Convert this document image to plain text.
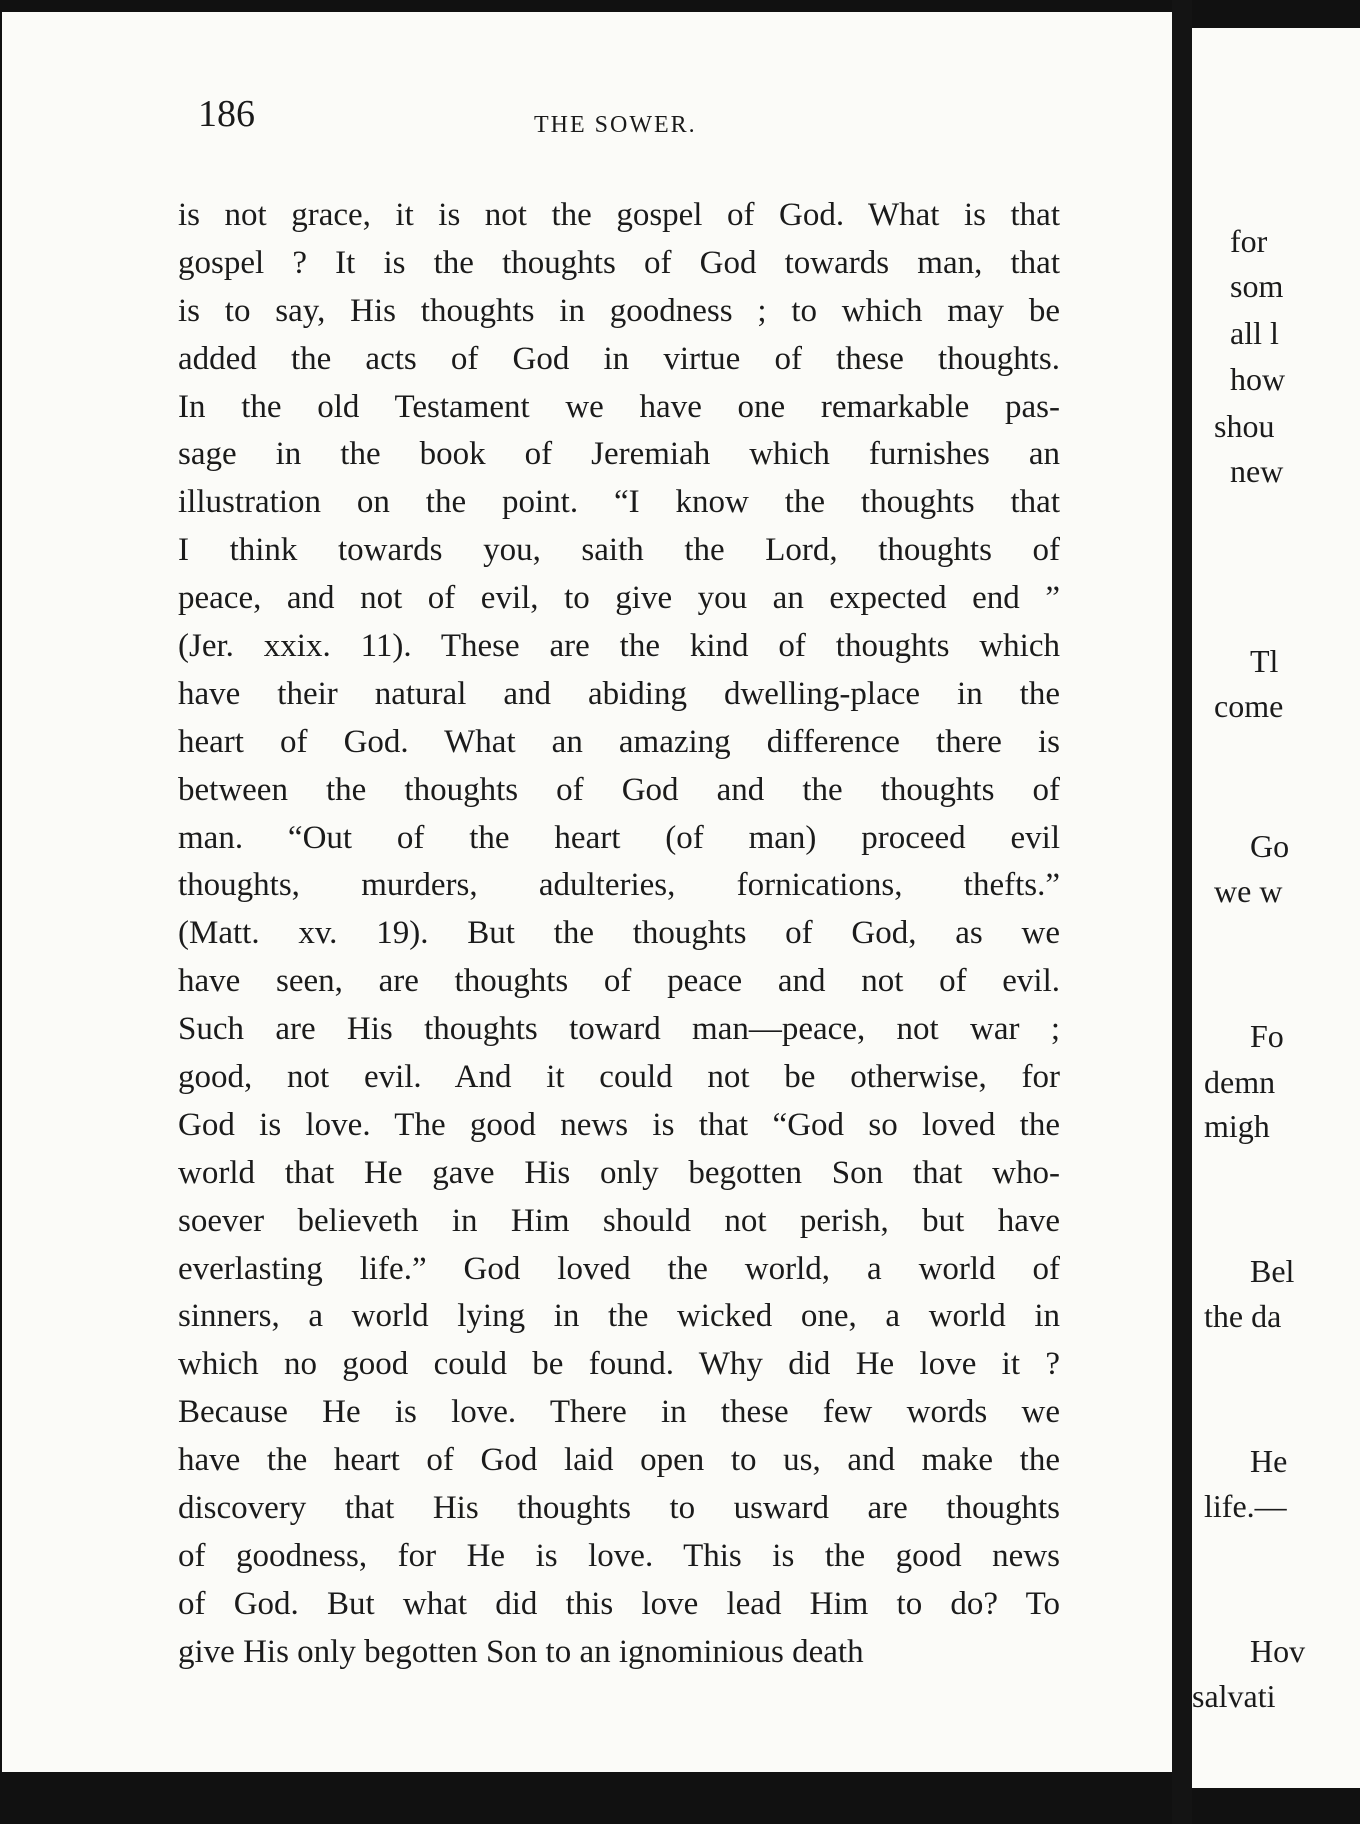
186	THE SOWER.
is not grace, it is not the gospel of God. What is that
gospel ? It is the thoughts of God towards man, that
is to say, His thoughts in goodness ; to which may be
added the acts of God in virtue of these thoughts.
In the old Testament we have one remarkable pas-
sage in the book of Jeremiah which furnishes an
illustration on the point. “I know the thoughts that
I think towards you, saith the Lord, thoughts of
peace, and not of evil, to give you an expected end ”
(Jer. xxix. 11). These are the kind of thoughts which
have their natural and abiding dwelling-place in the
heart of God. What an amazing difference there is
between the thoughts of God and the thoughts of
man. “Out of the heart (of man) proceed evil
thoughts, murders, adulteries, fornications, thefts.”
(Matt. xv. 19). But the thoughts of God, as we
have seen, are thoughts of peace and not of evil.
Such are His thoughts toward man—peace, not war ;
good, not evil. And it could not be otherwise, for
God is love. The good news is that “God so loved the
world that He gave His only begotten Son that who-
soever believeth in Him should not perish, but have
everlasting life.” God loved the world, a world of
sinners, a world lying in the wicked one, a world in
which no good could be found. Why did He love it ?
Because He is love. There in these few words we
have the heart of God laid open to us, and make the
discovery that His thoughts to usward are thoughts
of goodness, for He is love. This is the good news
of God. But what did this love lead Him to do? To
give His only begotten Son to an ignominious death
for
som
all l
how
shou
new
Tl
come
Go
we w
Fo
demn
migh
Bel
the da
He
life.—
Hov
salvati
